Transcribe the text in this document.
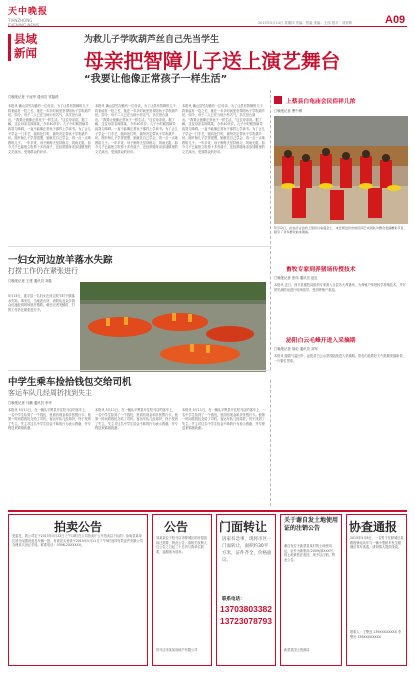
天中晚报
TIANZHONG	2015年5月14日 星期四 责编：张毅 美编：王伟 校对：刘家辉	A09
县域
新闻
为救儿子学吹葫芦丝自己先当学生
母亲把智障儿子送上演艺舞台
“我要让他像正常孩子一样生活”
□晚报记者 于冠华 通讯员 常磊跃
本报讯 确山县竹沟镇有一位母亲，为了让患有智障的儿子将来能有一技之长，她在一年多时间里坚持陪孩子学吹葫芦丝。如今，母子二人已在当地小有名气，多次登台演出。“我要让他像正常孩子一样生活。”这位母亲说。据了解，这位母亲名叫陈某，今年40多岁。儿子小时候因病导致智力障碍，一直不能像正常孩子那样上学读书。为了让儿子学会一门手艺，她四处打听，最终决定带孩子学吹葫芦丝。刚开始儿子学得很慢，她就先自己学会，再一点一点地教给儿子。一年多来，母子俩每天坚持练习，风雨无阻。如今儿子已能独立吹奏十多首曲子，还经常随母亲参加镇里的文艺演出，受到群众的好评。
本报讯 确山县竹沟镇有一位母亲，为了让患有智障的儿子将来能有一技之长，她在一年多时间里坚持陪孩子学吹葫芦丝。如今，母子二人已在当地小有名气，多次登台演出。“我要让他像正常孩子一样生活。”这位母亲说。据了解，这位母亲名叫陈某，今年40多岁。儿子小时候因病导致智力障碍，一直不能像正常孩子那样上学读书。为了让儿子学会一门手艺，她四处打听，最终决定带孩子学吹葫芦丝。刚开始儿子学得很慢，她就先自己学会，再一点一点地教给儿子。一年多来，母子俩每天坚持练习，风雨无阻。如今儿子已能独立吹奏十多首曲子，还经常随母亲参加镇里的文艺演出，受到群众的好评。
本报讯 确山县竹沟镇有一位母亲，为了让患有智障的儿子将来能有一技之长，她在一年多时间里坚持陪孩子学吹葫芦丝。如今，母子二人已在当地小有名气，多次登台演出。“我要让他像正常孩子一样生活。”这位母亲说。据了解，这位母亲名叫陈某，今年40多岁。儿子小时候因病导致智力障碍，一直不能像正常孩子那样上学读书。为了让儿子学会一门手艺，她四处打听，最终决定带孩子学吹葫芦丝。刚开始儿子学得很慢，她就先自己学会，再一点一点地教给儿子。一年多来，母子俩每天坚持练习，风雨无阻。如今儿子已能独立吹奏十多首曲子，还经常随母亲参加镇里的文艺演出，受到群众的好评。
上蔡县白龟庙会民俗祥儿浓
□晚报记者 曹中博
5月12日，在农历古会的上蔡县白龟庙会上，来自周边县市的民间艺术团队为群众表演精彩节目，吸引了众多群众前来观看。
畜牧专家到养猪场传授技术
□晚报记者 张伟 通讯员 赵红
本报讯 近日，西平县畜牧局组织专家深入全县各大养猪场，为养殖户传授科学养殖技术，并对常见病防治进行现场指导，受到养殖户欢迎。
泌阳白云毛峰开进入采摘期
□晚报记者 周伦 通讯员 刘军
本报讯 随着气温回升，泌阳县白云山茶园陆续进入采摘期。茶农们趁着好天气抓紧采摘新茶，一片繁忙景象。
一妇女河边放羊落水失踪
打捞工作仍在紧张进行
□晚报记者 王建 通讯员 刘磊
5月13日，遂平县一名妇女在河边放羊时不慎落水失踪。事发后，当地派出所、消防队及众多群众迅速赶到现场展开搜救。截至记者发稿时，打捞工作仍在紧张进行中。
中学生乘车捡拾钱包交给司机
客运车队几经周折找到失主
□晚报记者 马鹏 通讯员 李华
本报讯 5月11日，在一辆从平舆县开往驻马店的客车上，一名中学生捡到了一个钱包，里面有现金和多张银行卡。他第一时间将钱包交给了司机。客运车队几经周折，终于找到了失主。失主对这名中学生拾金不昧的行为表示感谢，并专程送来锦旗致谢。
本报讯 5月11日，在一辆从平舆县开往驻马店的客车上，一名中学生捡到了一个钱包，里面有现金和多张银行卡。他第一时间将钱包交给了司机。客运车队几经周折，终于找到了失主。失主对这名中学生拾金不昧的行为表示感谢，并专程送来锦旗致谢。
本报讯 5月11日，在一辆从平舆县开往驻马店的客车上，一名中学生捡到了一个钱包，里面有现金和多张银行卡。他第一时间将钱包交给了司机。客运车队几经周折，终于找到了失主。失主对这名中学生拾金不昧的行为表示感谢，并专程送来锦旗致谢。
拍卖公告
受委托，我公司定于2015年5月22日上午10时在公司拍卖厅公开拍卖以下标的：汝南县某单位部分闲置设备及车辆一批。有意竞买者请于2015年5月21日下午5时前持有效证件到我公司办理竞买登记手续。联系电话：0396-2XXXXXX。
公告
刘某某位于驻马店市驿城区的房屋因拆迁需要，特此公告，请相关权利人自公告之日起三十日内与我单位联系，逾期视为放弃。
驻马店市某某房地产有限公司
门面转让
因家有急事，现将市区一门面转让，面积约30平方米，证件齐全，价格面议。
联系电话：
13703803382
13723078793
关于谢自发土地使用证的注销公告
谢自发位于新蔡县某村的土地使用证，证号为新集用(2009)第XXX号，因土地被依法收回，现予以注销。特此公告。
新蔡县国土资源局
协查通报
2015年5月8日，一名男子在驿城区某路段骑电动车与一辆小型轿车发生碰撞后驾车逃逸。请知情人提供线索。
联系人：王警官 139XXXXXXXX 李警官 138XXXXXXXX
